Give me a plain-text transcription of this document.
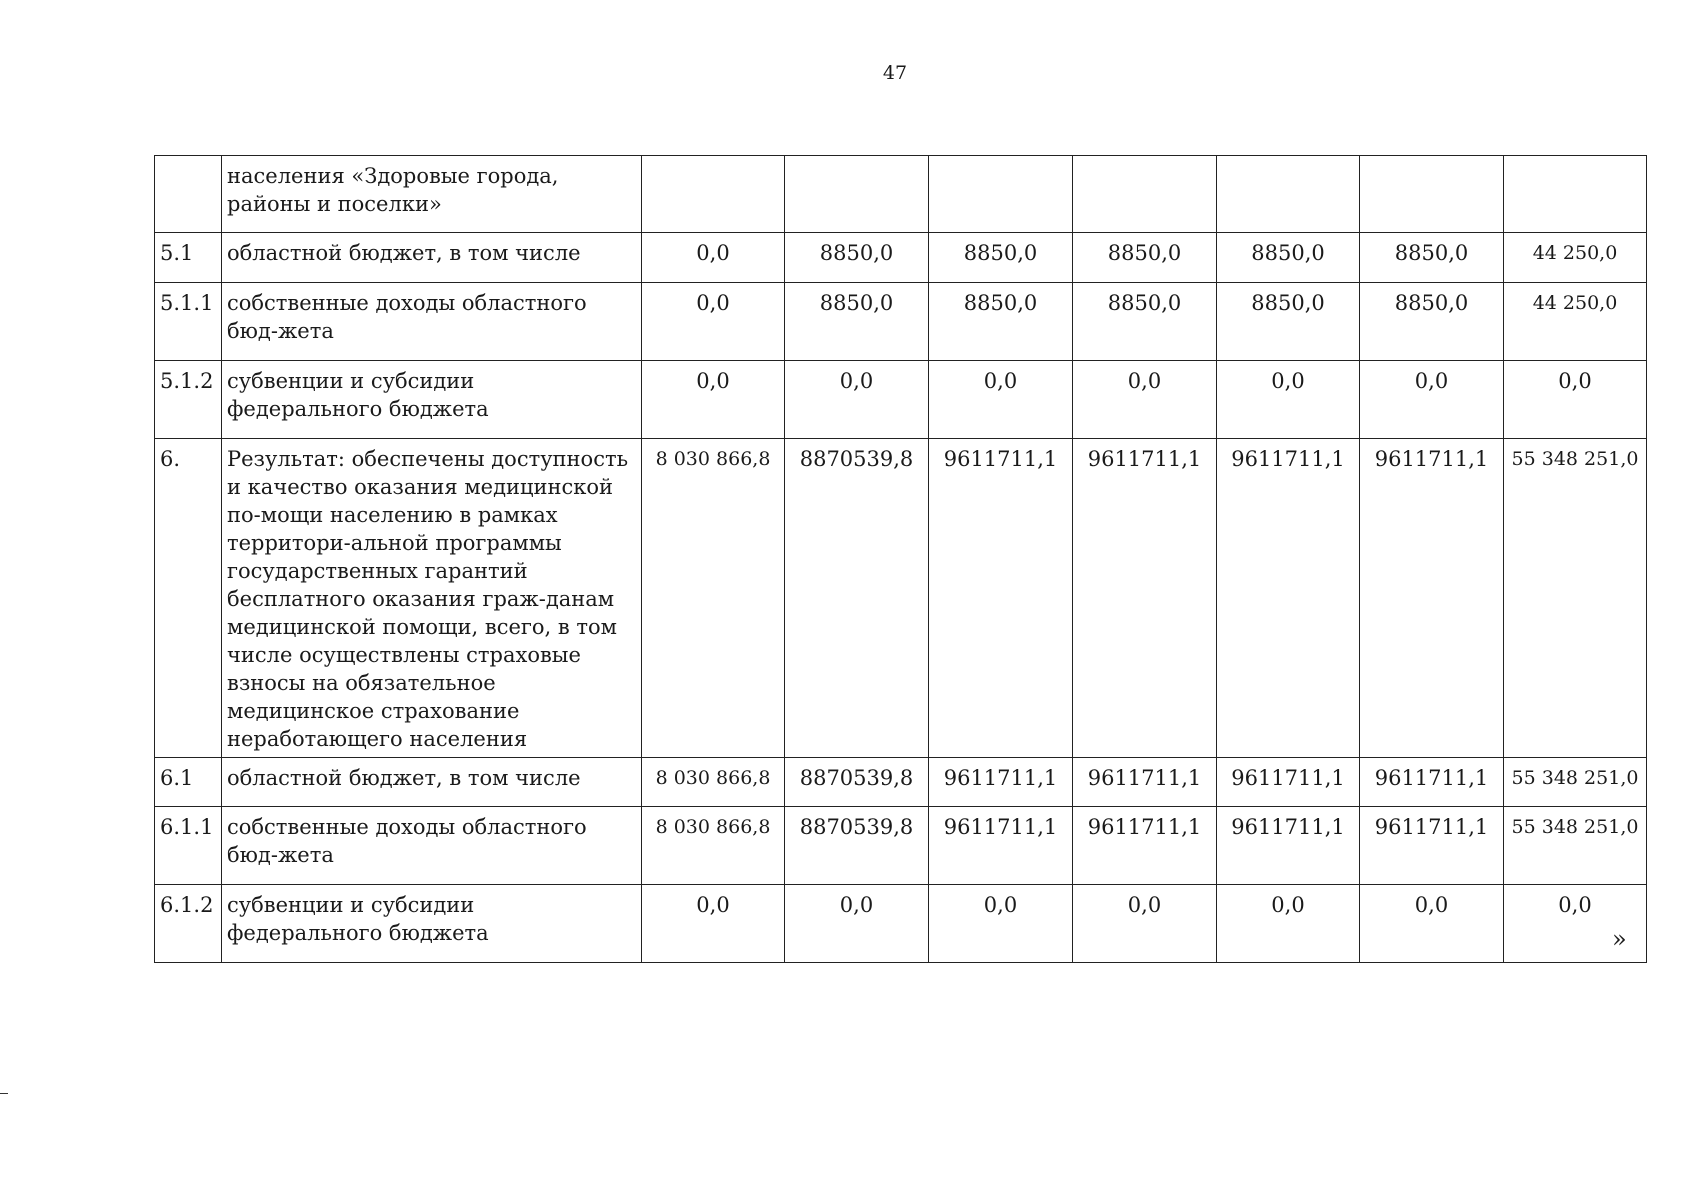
47
	населения «Здоровые города, районы и поселки»							
5.1	областной бюджет, в том числе	0,0	8850,0	8850,0	8850,0	8850,0	8850,0	44 250,0
5.1.1	собственные доходы областного бюд-жета	0,0	8850,0	8850,0	8850,0	8850,0	8850,0	44 250,0
5.1.2	субвенции и субсидии федерального бюджета	0,0	0,0	0,0	0,0	0,0	0,0	0,0
6.	Результат: обеспечены доступность и качество оказания медицинской по-мощи населению в рамках территори-альной программы государственных гарантий бесплатного оказания граж-данам медицинской помощи, всего, в том числе осуществлены страховые взносы на обязательное медицинское страхование неработающего населения	8 030 866,8	8870539,8	9611711,1	9611711,1	9611711,1	9611711,1	55 348 251,0
6.1	областной бюджет, в том числе	8 030 866,8	8870539,8	9611711,1	9611711,1	9611711,1	9611711,1	55 348 251,0
6.1.1	собственные доходы областного бюд-жета	8 030 866,8	8870539,8	9611711,1	9611711,1	9611711,1	9611711,1	55 348 251,0
6.1.2	субвенции и субсидии федерального бюджета	0,0	0,0	0,0	0,0	0,0	0,0	0,0
»
